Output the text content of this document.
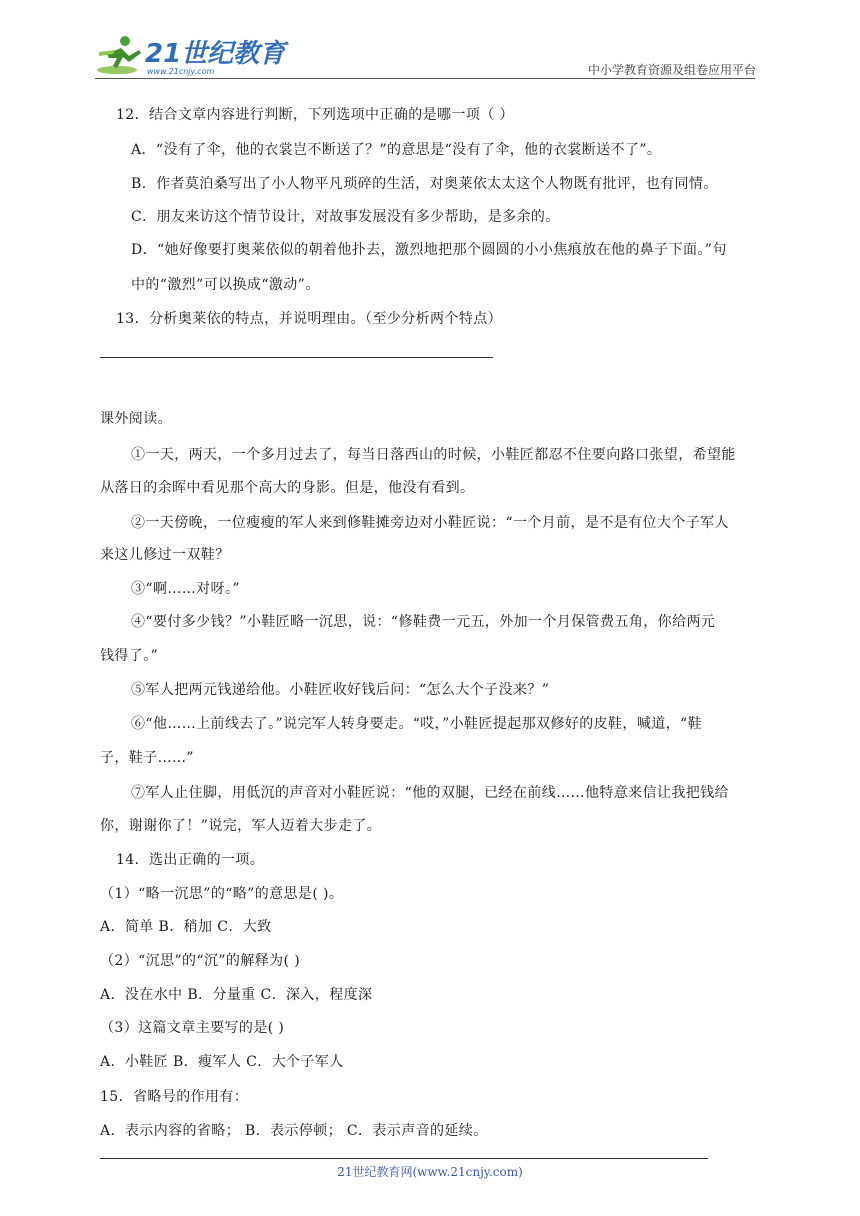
21世纪教育
www.21cnjy.com	中小学教育资源及组卷应用平台
12．结合文章内容进行判断，下列选项中正确的是哪一项（ ）
A．“没有了伞，他的衣裳岂不断送了？”的意思是“没有了伞，他的衣裳断送不了”。
B．作者莫泊桑写出了小人物平凡琐碎的生活，对奥莱依太太这个人物既有批评，也有同情。
C．朋友来访这个情节设计，对故事发展没有多少帮助，是多余的。
D．“她好像要打奥莱依似的朝着他扑去，激烈地把那个圆圆的小小焦痕放在他的鼻子下面。”句
中的“激烈”可以换成“激动”。
13．分析奥莱依的特点，并说明理由。（至少分析两个特点）
课外阅读。
①一天，两天，一个多月过去了，每当日落西山的时候，小鞋匠都忍不住要向路口张望，希望能
从落日的余晖中看见那个高大的身影。但是，他没有看到。
②一天傍晚，一位瘦瘦的军人来到修鞋摊旁边对小鞋匠说：“一个月前，是不是有位大个子军人
来这儿修过一双鞋？
③“啊……对呀。”
④“要付多少钱？”小鞋匠略一沉思，说：“修鞋费一元五，外加一个月保管费五角，你给两元
钱得了。”
⑤军人把两元钱递给他。小鞋匠收好钱后问：“怎么大个子没来？”
⑥“他……上前线去了。”说完军人转身要走。“哎，”小鞋匠提起那双修好的皮鞋，喊道，“鞋
子，鞋子……”
⑦军人止住脚，用低沉的声音对小鞋匠说：“他的双腿，已经在前线……他特意来信让我把钱给
你，谢谢你了！”说完，军人迈着大步走了。
14．选出正确的一项。
（1）“略一沉思”的“略”的意思是( )。
A．简单 B．稍加 C．大致
（2）“沉思”的“沉”的解释为( )
A．没在水中 B．分量重 C．深入，程度深
（3）这篇文章主要写的是( )
A．小鞋匠 B．瘦军人 C．大个子军人
15．省略号的作用有：
A．表示内容的省略； B．表示停顿； C．表示声音的延续。
21世纪教育网(www.21cnjy.com)
